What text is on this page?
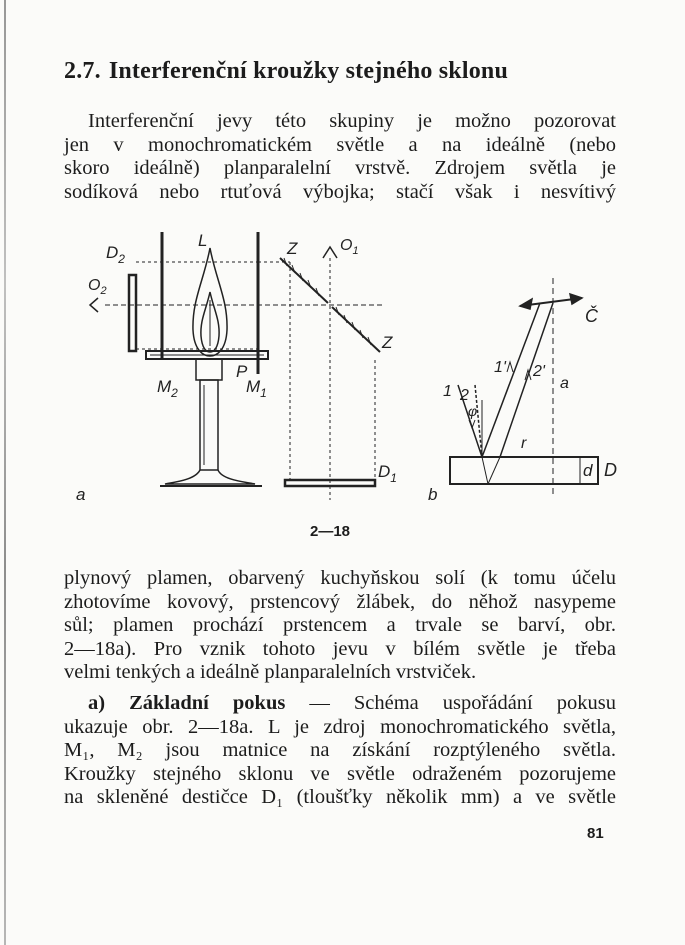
2.7. Interferenční kroužky stejného sklonu
Interferenční jevy této skupiny je možno pozorovat
jen v monochromatickém světle a na ideálně (nebo
skoro ideálně) planparalelní vrstvě. Zdrojem světla je
sodíková nebo rtuťová výbojka; stačí však i nesvítivý
$D_2$
L	Z	$O_1$
$O_2$
P
$M_2$	$M_1$
Z
$D_1$
a	b
Č
1' 2'
1 2
φ
a
r
d D
2—18
plynový plamen, obarvený kuchyňskou solí (k tomu účelu
zhotovíme kovový, prstencový žlábek, do něhož nasypeme
sůl; plamen prochází prstencem a trvale se barví, obr.
2—18a). Pro vznik tohoto jevu v bílém světle je třeba
velmi tenkých a ideálně planparalelních vrstviček.
a) Základní pokus — Schéma uspořádání pokusu
ukazuje obr. 2—18a. L je zdroj monochromatického světla,
M₁, M₂ jsou matnice na získání rozptýleného světla.
Kroužky stejného sklonu ve světle odraženém pozorujeme
na skleněné destičce D₁ (tloušťky několik mm) a ve světle
81
